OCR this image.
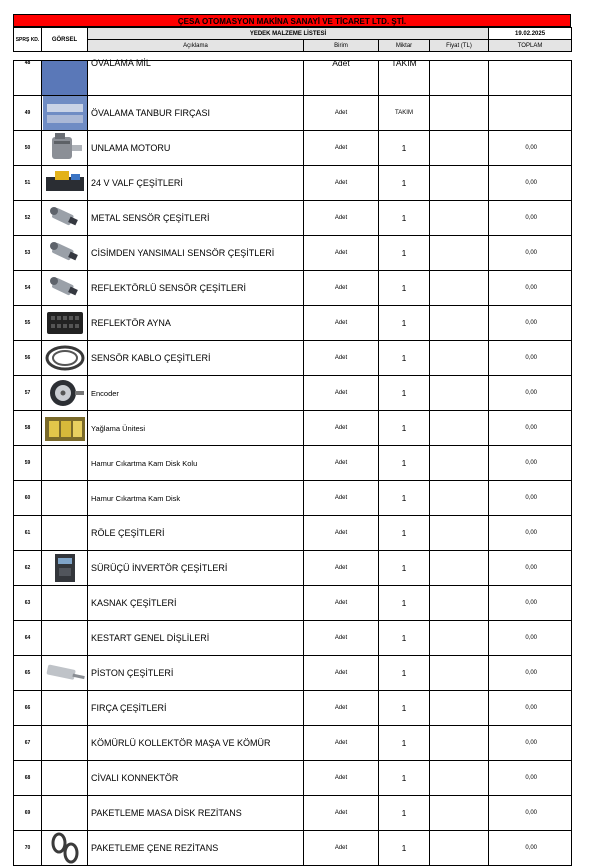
ÇESA OTOMASYON MAKİNA SANAYİ VE TİCARET LTD. ŞTİ.
SPRŞ KD.	GÖRSEL	YEDEK MALZEME LİSTESİ				19.02.2025
		Açıklama	Birim	Miktar	Fiyat (TL)	TOPLAM
48		OVALAMA MİL	Adet	TAKIM		
49		ÖVALAMA TANBUR FIRÇASI	Adet	TAKIM		
50		UNLAMA MOTORU	Adet	1		0,00
51		24 V VALF ÇEŞİTLERİ	Adet	1		0,00
52		METAL SENSÖR ÇEŞİTLERİ	Adet	1		0,00
53		CİSİMDEN YANSIMALI SENSÖR ÇEŞİTLERİ	Adet	1		0,00
54		REFLEKTÖRLÜ SENSÖR ÇEŞİTLERİ	Adet	1		0,00
55		REFLEKTÖR AYNA	Adet	1		0,00
56		SENSÖR KABLO ÇEŞİTLERİ	Adet	1		0,00
57		Encoder	Adet	1		0,00
58		Yağlama Ünitesi	Adet	1		0,00
59		Hamur Cıkartma Kam Disk Kolu	Adet	1		0,00
60		Hamur Cıkartma Kam Disk	Adet	1		0,00
61		RÖLE ÇEŞİTLERİ	Adet	1		0,00
62		SÜRÜÇÜ İNVERTÖR ÇEŞİTLERİ	Adet	1		0,00
63		KASNAK ÇEŞİTLERİ	Adet	1		0,00
64		KESTART GENEL DİŞLİLERİ	Adet	1		0,00
65		PİSTON ÇEŞİTLERİ	Adet	1		0,00
66		FIRÇA ÇEŞİTLERİ	Adet	1		0,00
67		KÖMÜRLÜ KOLLEKTÖR MAŞA VE KÖMÜR	Adet	1		0,00
68		CİVALI KONNEKTÖR	Adet	1		0,00
69		PAKETLEME MASA DİSK REZİTANS	Adet	1		0,00
70		PAKETLEME ÇENE REZİTANS	Adet	1		0,00
